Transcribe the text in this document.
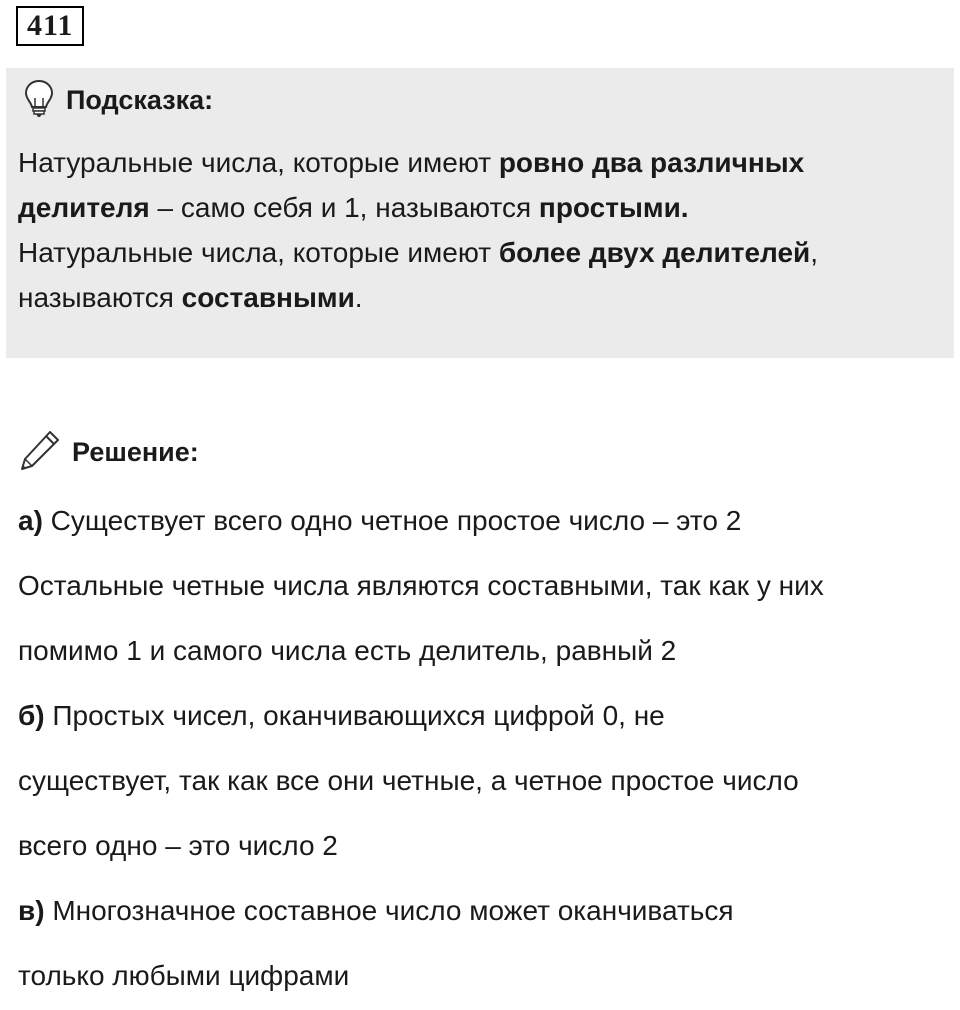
411
Подсказка:
Натуральные числа, которые имеют ровно два различных делителя – само себя и 1, называются простыми.
Натуральные числа, которые имеют более двух делителей,
называются составными.
Решение:
а) Существует всего одно четное простое число – это 2
Остальные четные числа являются составными, так как у них
помимо 1 и самого числа есть делитель, равный 2
б) Простых чисел, оканчивающихся цифрой 0, не
существует, так как все они четные, а четное простое число
всего одно – это число 2
в) Многозначное составное число может оканчиваться
только любыми цифрами
